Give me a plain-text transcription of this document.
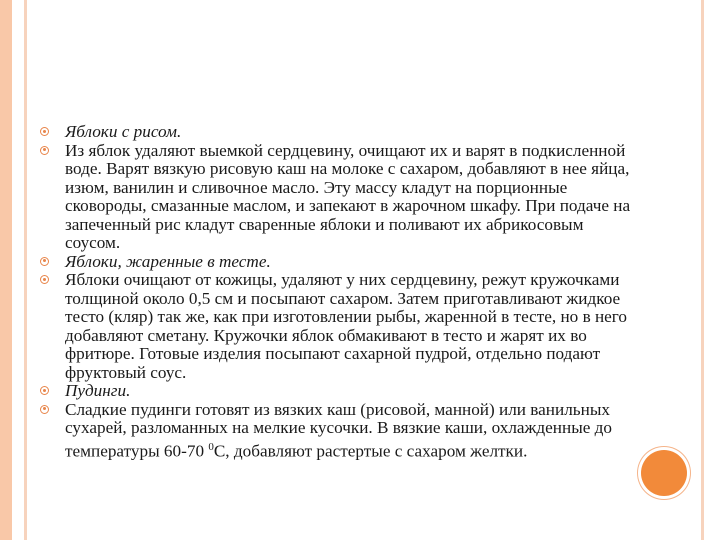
Яблоки с рисом.
Из яблок удаляют выемкой сердцевину, очищают их и варят в подкисленной воде. Варят вязкую рисовую каш на молоке с сахаром, добавляют в нее яйца, изюм, ванилин и сливочное масло. Эту массу кладут на порционные сковороды, смазанные маслом, и запекают в жарочном шкафу. При подаче на запеченный рис кладут сваренные яблоки и поливают их абрикосовым соусом.
Яблоки, жаренные в тесте.
Яблоки очищают от кожицы, удаляют у них сердцевину, режут кружочками толщиной около 0,5 см и посыпают сахаром. Затем приготавливают жидкое тесто (кляр) так же, как при изготовлении рыбы, жаренной в тесте, но в него добавляют сметану. Кружочки яблок обмакивают в тесто и жарят их во фритюре. Готовые изделия посыпают сахарной пудрой, отдельно подают фруктовый соус.
Пудинги.
Сладкие пудинги готовят из вязких каш (рисовой, манной) или ванильных сухарей, разломанных на мелкие кусочки. В вязкие каши, охлажденные до температуры 60-70 $^0$С, добавляют растертые с сахаром желтки.
